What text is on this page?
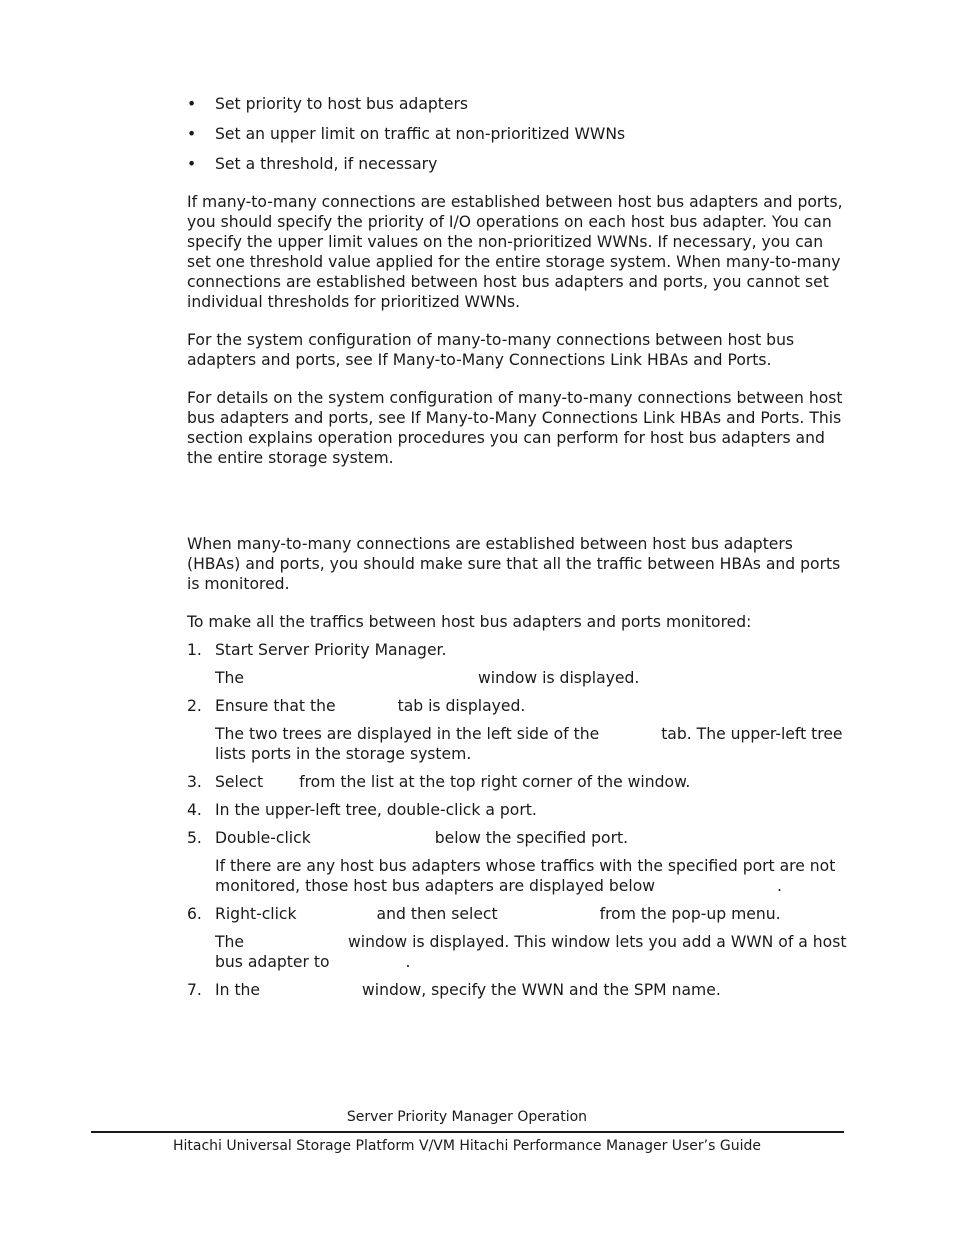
• Set priority to host bus adapters
• Set an upper limit on traffic at non-prioritized WWNs
• Set a threshold, if necessary

If many-to-many connections are established between host bus adapters and ports, you should specify the priority of I/O operations on each host bus adapter. You can specify the upper limit values on the non-prioritized WWNs. If necessary, you can set one threshold value applied for the entire storage system. When many-to-many connections are established between host bus adapters and ports, you cannot set individual thresholds for prioritized WWNs.

For the system configuration of many-to-many connections between host bus adapters and ports, see If Many-to-Many Connections Link HBAs and Ports.

For details on the system configuration of many-to-many connections between host bus adapters and ports, see If Many-to-Many Connections Link HBAs and Ports. This section explains operation procedures you can perform for host bus adapters and the entire storage system.

When many-to-many connections are established between host bus adapters (HBAs) and ports, you should make sure that all the traffic between HBAs and ports is monitored.

To make all the traffics between host bus adapters and ports monitored:

1. Start Server Priority Manager.
The	window is displayed.
2. Ensure that the	tab is displayed.
The two trees are displayed in the left side of the	tab. The upper-left tree lists ports in the storage system.
3. Select from the list at the top right corner of the window.
4. In the upper-left tree, double-click a port.
5. Double-click	below the specified port.
If there are any host bus adapters whose traffics with the specified port are not monitored, those host bus adapters are displayed below	.
6. Right-click	and then select	from the pop-up menu.
The	window is displayed. This window lets you add a WWN of a host bus adapter to	.
7. In the	window, specify the WWN and the SPM name.
Server Priority Manager Operation
Hitachi Universal Storage Platform V/VM Hitachi Performance Manager User’s Guide
